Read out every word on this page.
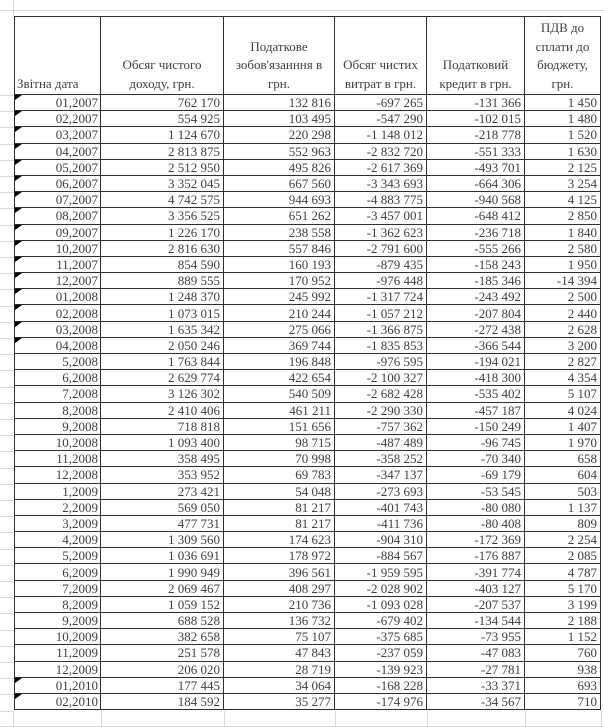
Звітна дата	Обсяг чистого доходу, грн.	Податкове зобов'язанння в грн.	Обсяг чистих витрат в грн.	Податковий кредит в грн.	ПДВ до сплати до бюджету, грн.

01,2007	762 170	132 816	-697 265	-131 366	1 450

02,2007	554 925	103 495	-547 290	-102 015	1 480

03,2007	1 124 670	220 298	-1 148 012	-218 778	1 520

04,2007	2 813 875	552 963	-2 832 720	-551 333	1 630

05,2007	2 512 950	495 826	-2 617 369	-493 701	2 125

06,2007	3 352 045	667 560	-3 343 693	-664 306	3 254

07,2007	4 742 575	944 693	-4 883 775	-940 568	4 125

08,2007	3 356 525	651 262	-3 457 001	-648 412	2 850

09,2007	1 226 170	238 558	-1 362 623	-236 718	1 840

10,2007	2 816 630	557 846	-2 791 600	-555 266	2 580

11,2007	854 590	160 193	-879 435	-158 243	1 950

12,2007	889 555	170 952	-976 448	-185 346	-14 394

01,2008	1 248 370	245 992	-1 317 724	-243 492	2 500

02,2008	1 073 015	210 244	-1 057 212	-207 804	2 440

03,2008	1 635 342	275 066	-1 366 875	-272 438	2 628

04,2008	2 050 246	369 744	-1 835 853	-366 544	3 200
5,2008	1 763 844	196 848	-976 595	-194 021	2 827
6,2008	2 629 774	422 654	-2 100 327	-418 300	4 354
7,2008	3 126 302	540 509	-2 682 428	-535 402	5 107
8,2008	2 410 406	461 211	-2 290 330	-457 187	4 024
9,2008	718 818	151 656	-757 362	-150 249	1 407
10,2008	1 093 400	98 715	-487 489	-96 745	1 970
11,2008	358 495	70 998	-358 252	-70 340	658
12,2008	353 952	69 783	-347 137	-69 179	604
1,2009	273 421	54 048	-273 693	-53 545	503
2,2009	569 050	81 217	-401 743	-80 080	1 137
3,2009	477 731	81 217	-411 736	-80 408	809
4,2009	1 309 560	174 623	-904 310	-172 369	2 254
5,2009	1 036 691	178 972	-884 567	-176 887	2 085
6,2009	1 990 949	396 561	-1 959 595	-391 774	4 787
7,2009	2 069 467	408 297	-2 028 902	-403 127	5 170
8,2009	1 059 152	210 736	-1 093 028	-207 537	3 199
9,2009	688 528	136 732	-679 402	-134 544	2 188
10,2009	382 658	75 107	-375 685	-73 955	1 152
11,2009	251 578	47 843	-237 059	-47 083	760
12,2009	206 020	28 719	-139 923	-27 781	938

01,2010	177 445	34 064	-168 228	-33 371	693

02,2010	184 592	35 277	-174 976	-34 567	710
